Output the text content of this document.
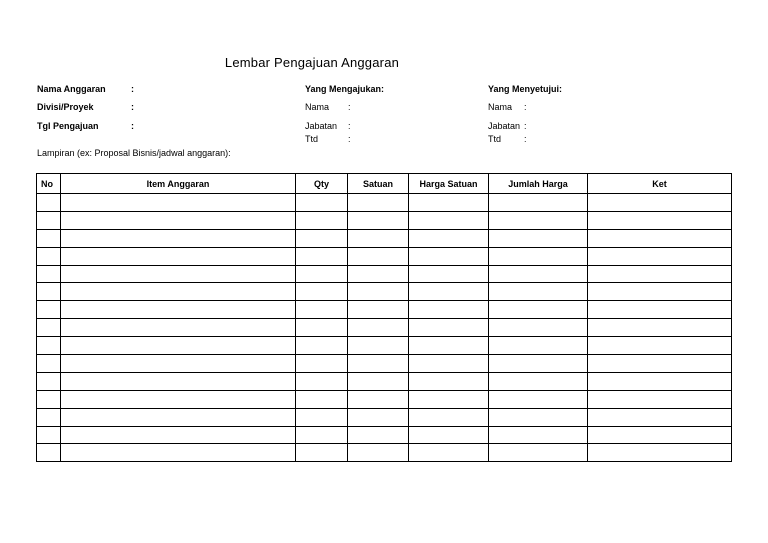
Lembar Pengajuan Anggaran
Nama Anggaran	:
Divisi/Proyek	:
Tgl Pengajuan	:
Yang Mengajukan:
Nama :
Jabatan :
Ttd	:
Yang Menyetujui:
Nama :
Jabatan :
Ttd	:
Lampiran (ex: Proposal Bisnis/jadwal anggaran):
No	Item Anggaran	Qty	Satuan	Harga Satuan	Jumlah Harga	Ket
